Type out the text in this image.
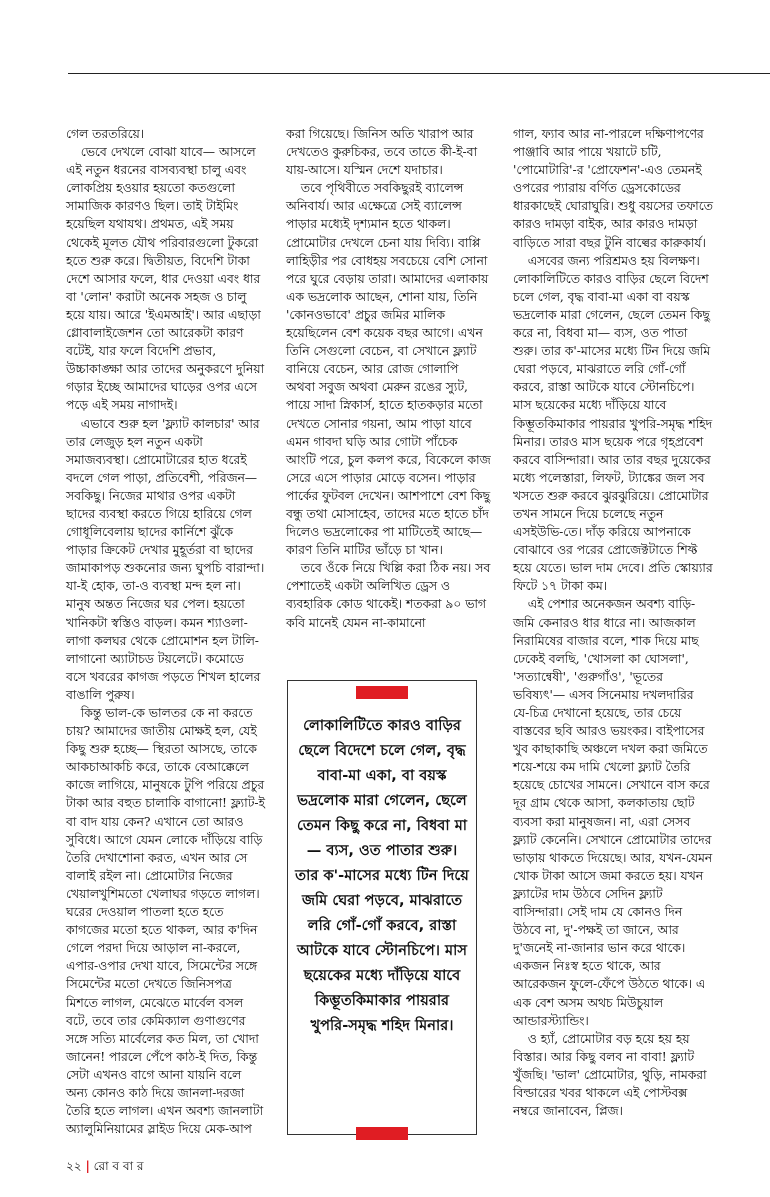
গেল তরতরিয়ে।

ভেবে দেখলে বোঝা যাবে— আসলে এই নতুন ধরনের বাসব্যবস্থা চালু এবং লোকপ্রিয় হওয়ার হয়তো কতগুলো সামাজিক কারণও ছিল। তাই টাইমিং হয়েছিল যথাযথ। প্রথমত, এই সময় থেকেই মূলত যৌথ পরিবারগুলো টুকরো হতে শুরু করে। দ্বিতীয়ত, বিদেশি টাকা দেশে আসার ফলে, ধার দেওয়া এবং ধার বা 'লোন' করাটা অনেক সহজ ও চালু হয়ে যায়। আরে 'ইএমআই'। আর এছাড়া গ্লোবালাইজেশন তো আরেকটা কারণ বটেই, যার ফলে বিদেশি প্রভাব, উচ্চাকাঙ্ক্ষা আর তাদের অনুকরণে দুনিয়া গড়ার ইচ্ছে আমাদের ঘাড়ের ওপর এসে পড়ে এই সময় নাগাদই।

এভাবে শুরু হল 'ফ্ল্যাট কালচার' আর তার লেজুড় হল নতুন একটা সমাজব্যবস্থা। প্রোমোটারের হাত ধরেই বদলে গেল পাড়া, প্রতিবেশী, পরিজন— সবকিছু। নিজের মাথার ওপর একটা ছাদের ব্যবস্থা করতে গিয়ে হারিয়ে গেল গোধূলিবেলায় ছাদের কার্নিশে ঝুঁকে পাড়ার ক্রিকেট দেখার মুহূর্তরা বা ছাদের জামাকাপড় শুকনোর জন্য ঘুপচি বারান্দা। যা-ই হোক, তা-ও ব্যবস্থা মন্দ হল না। মানুষ অন্তত নিজের ঘর পেল। হয়তো খানিকটা স্বস্তিও বাড়ল। কমন শ্যাওলা-লাগা কলঘর থেকে প্রোমোশন হল টালি-লাগানো অ্যাটাচড টয়লেটে। কমোডে বসে খবরের কাগজ পড়তে শিখল হালের বাঙালি পুরুষ।

কিন্তু ভাল-কে ভালতর কে না করতে চায়? আমাদের জাতীয় মোক্ষই হল, যেই কিছু শুরু হচ্ছে— স্থিরতা আসছে, তাকে আকচাআকচি করে, তাকে বেআক্কেলে কাজে লাগিয়ে, মানুষকে টুপি পরিয়ে প্রচুর টাকা আর বহুত চালাকি বাগানো! ফ্ল্যাট-ই বা বাদ যায় কেন? এখানে তো আরও সুবিধে। আগে যেমন লোকে দাঁড়িয়ে বাড়ি তৈরি দেখাশোনা করত, এখন আর সে বালাই রইল না। প্রোমোটার নিজের খেয়ালখুশিমতো খেলাঘর গড়তে লাগল। ঘরের দেওয়াল পাতলা হতে হতে কাগজের মতো হতে থাকল, আর ক'দিন গেলে পরদা দিয়ে আড়াল না-করলে, এপার-ওপার দেখা যাবে, সিমেন্টের সঙ্গে সিমেন্টের মতো দেখতে জিনিসপত্র মিশতে লাগল, মেঝেতে মার্বেল বসল বটে, তবে তার কেমিক্যাল গুণাগুণের সঙ্গে সত্যি মার্বেলের কত মিল, তা খোদা জানেন! পারলে পেঁপে কাঠ-ই দিত, কিন্তু সেটা এখনও বাগে আনা যায়নি বলে অন্য কোনও কাঠ দিয়ে জানলা-দরজা তৈরি হতে লাগল। এখন অবশ্য জানলাটা অ্যালুমিনিয়ামের স্লাইড দিয়ে মেক-আপ

করা গিয়েছে। জিনিস অতি খারাপ আর দেখতেও কুরুচিকর, তবে তাতে কী-ই-বা যায়-আসে। যস্মিন দেশে যদাচার।

তবে পৃথিবীতে সবকিছুরই ব্যালেন্স অনিবার্য। আর এক্ষেত্রে সেই ব্যালেন্স পাড়ার মধ্যেই দৃশ্যমান হতে থাকল। প্রোমোটার দেখলে চেনা যায় দিব্যি। বাপ্পি লাহিড়ীর পর বোধহয় সবচেয়ে বেশি সোনা পরে ঘুরে বেড়ায় তারা। আমাদের এলাকায় এক ভদ্রলোক আছেন, শোনা যায়, তিনি 'কোনওভাবে' প্রচুর জমির মালিক হয়েছিলেন বেশ কয়েক বছর আগে। এখন তিনি সেগুলো বেচেন, বা সেখানে ফ্ল্যাট বানিয়ে বেচেন, আর রোজ গোলাপি অথবা সবুজ অথবা মেরুন রঙের স্যুট, পায়ে সাদা স্নিকার্স, হাতে হাতকড়ার মতো দেখতে সোনার গয়না, আম পাড়া যাবে এমন গাবদা ঘড়ি আর গোটা পাঁচেক আংটি পরে, চুল কলপ করে, বিকেলে কাজ সেরে এসে পাড়ার মোড়ে বসেন। পাড়ার পার্কের ফুটবল দেখেন। আশপাশে বেশ কিছু বন্ধু তথা মোসাহেব, তাদের মতে হাতে চাঁদ দিলেও ভদ্রলোকের পা মাটিতেই আছে— কারণ তিনি মাটির ভাঁড়ে চা খান।

তবে ওঁকে নিয়ে খিল্লি করা ঠিক নয়। সব পেশাতেই একটা অলিখিত ড্রেস ও ব্যবহারিক কোড থাকেই। শতকরা ৯০ ভাগ কবি মানেই যেমন না-কামানো

লোকালিটিতে কারও বাড়ির ছেলে বিদেশে চলে গেল, বৃদ্ধ বাবা-মা একা, বা বয়স্ক ভদ্রলোক মারা গেলেন, ছেলে তেমন কিছু করে না, বিধবা মা— ব্যস, ওত পাতার শুরু। তার ক'-মাসের মধ্যে টিন দিয়ে জমি ঘেরা পড়বে, মাঝরাতে লরি গোঁ-গোঁ করবে, রাস্তা আটকে যাবে স্টোনচিপে। মাস ছয়েকের মধ্যে দাঁড়িয়ে যাবে কিম্ভূতকিমাকার পায়রার খুপরি-সমৃদ্ধ শহিদ মিনার।

গাল, ফ্যাব আর না-পারলে দক্ষিণাপণের পাঞ্জাবি আর পায়ে খয়াটে চটি, 'পোমোটারি'-র 'প্রোফেশন'-এও তেমনই ওপরের প্যারায় বর্ণিত ড্রেসকোডের ধারকাছেই ঘোরাঘুরি। শুধু বয়সের তফাতে কারও দামড়া বাইক, আর কারও দামড়া বাড়িতে সারা বছর টুনি বাল্বের কারুকার্য।

এসবের জন্য পরিশ্রমও হয় বিলক্ষণ। লোকালিটিতে কারও বাড়ির ছেলে বিদেশ চলে গেল, বৃদ্ধ বাবা-মা একা বা বয়স্ক ভদ্রলোক মারা গেলেন, ছেলে তেমন কিছু করে না, বিধবা মা— ব্যস, ওত পাতা শুরু। তার ক'-মাসের মধ্যে টিন দিয়ে জমি ঘেরা পড়বে, মাঝরাতে লরি গোঁ-গোঁ করবে, রাস্তা আটকে যাবে স্টোনচিপে। মাস ছয়েকের মধ্যে দাঁড়িয়ে যাবে কিম্ভূতকিমাকার পায়রার খুপরি-সমৃদ্ধ শহিদ মিনার। তারও মাস ছয়েক পরে গৃহপ্রবেশ করবে বাসিন্দারা। আর তার বছর দুয়েকের মধ্যে পলেস্তারা, লিফট, ট্যাঙ্কের জল সব খসতে শুরু করবে ঝুরঝুরিয়ে। প্রোমোটার তখন সামনে দিয়ে চলেছে নতুন এসইউভি-তে। দাঁড় করিয়ে আপনাকে বোঝাবে ওর পরের প্রোজেক্টটাতে শিফ্ট হয়ে যেতে। ভাল দাম দেবে। প্রতি স্কোয়্যার ফিটে ১৭ টাকা কম।

এই পেশার অনেকজন অবশ্য বাড়ি-জমি কেনারও ধার ধারে না। আজকাল নিরামিষের বাজার বলে, শাক দিয়ে মাছ ঢেকেই বলছি, 'খোসলা কা ঘোসলা', 'সত্যান্বেষী', 'গুরুগাঁও', 'ভূতের ভবিষ্যৎ'— এসব সিনেমায় দখলদারির যে-চিত্র দেখানো হয়েছে, তার চেয়ে বাস্তবের ছবি আরও ভয়ংকর। বাইপাসের খুব কাছাকাছি অঞ্চলে দখল করা জমিতে শয়ে-শয়ে কম দামি খেলো ফ্ল্যাট তৈরি হয়েছে চোখের সামনে। সেখানে বাস করে দূর গ্রাম থেকে আসা, কলকাতায় ছোট ব্যবসা করা মানুষজন। না, এরা সেসব ফ্ল্যাট কেনেনি। সেখানে প্রোমোটার তাদের ভাড়ায় থাকতে দিয়েছে। আর, যখন-যেমন খোক টাকা আসে জমা করতে হয়। যখন ফ্ল্যাটের দাম উঠবে সেদিন ফ্ল্যাট বাসিন্দারা। সেই দাম যে কোনও দিন উঠবে না, দু'-পক্ষই তা জানে, আর দু'জনেই না-জানার ভান করে থাকে। একজন নিঃস্ব হতে থাকে, আর আরেকজন ফুলে-ফেঁপে উঠতে থাকে। এ এক বেশ অসম অথচ মিউচুয়াল আন্ডারস্ট্যান্ডিং।

ও হ্যাঁ, প্রোমোটার বড় হয়ে হয় হয় বিস্তার। আর কিছু বলব না বাবা! ফ্ল্যাট খুঁজছি। 'ভাল' প্রোমোটার, থুড়ি, নামকরা বিল্ডারের খবর থাকলে এই পোস্টবক্স নম্বরে জানাবেন, প্লিজ।

২২ | রো ব বা র
